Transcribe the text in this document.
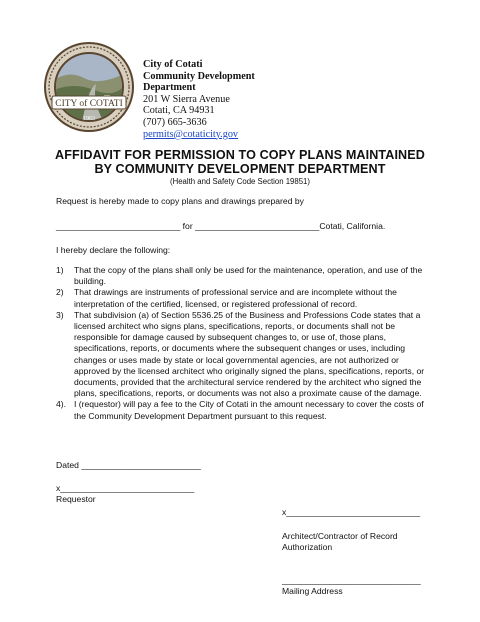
CITY of COTATI
1963
City of Cotati
Community Development
Department
201 W Sierra Avenue
Cotati, CA 94931
(707) 665-3636
permits@cotaticity.gov
AFFIDAVIT FOR PERMISSION TO COPY PLANS MAINTAINED
BY COMMUNITY DEVELOPMENT DEPARTMENT
(Health and Safety Code Section 19851)
Request is hereby made to copy plans and drawings prepared by
__________________________ for __________________________Cotati, California.
I hereby declare the following:
1) That the copy of the plans shall only be used for the maintenance, operation, and use of the building.
2) That drawings are instruments of professional service and are incomplete without the interpretation of the certified, licensed, or registered professional of record.
3) That subdivision (a) of Section 5536.25 of the Business and Professions Code states that a licensed architect who signs plans, specifications, reports, or documents shall not be responsible for damage caused by subsequent changes to, or use of, those plans, specifications, reports, or documents where the subsequent changes or uses, including changes or uses made by state or local governmental agencies, are not authorized or approved by the licensed architect who originally signed the plans, specifications, reports, or documents, provided that the architectural service rendered by the architect who signed the plans, specifications, reports, or documents was not also a proximate cause of the damage.
4). I (requestor) will pay a fee to the City of Cotati in the amount necessary to cover the costs of the Community Development Department pursuant to this request.
Dated _________________________
x____________________________
Requestor
x____________________________
Architect/Contractor of Record
Authorization
_____________________________
Mailing Address
